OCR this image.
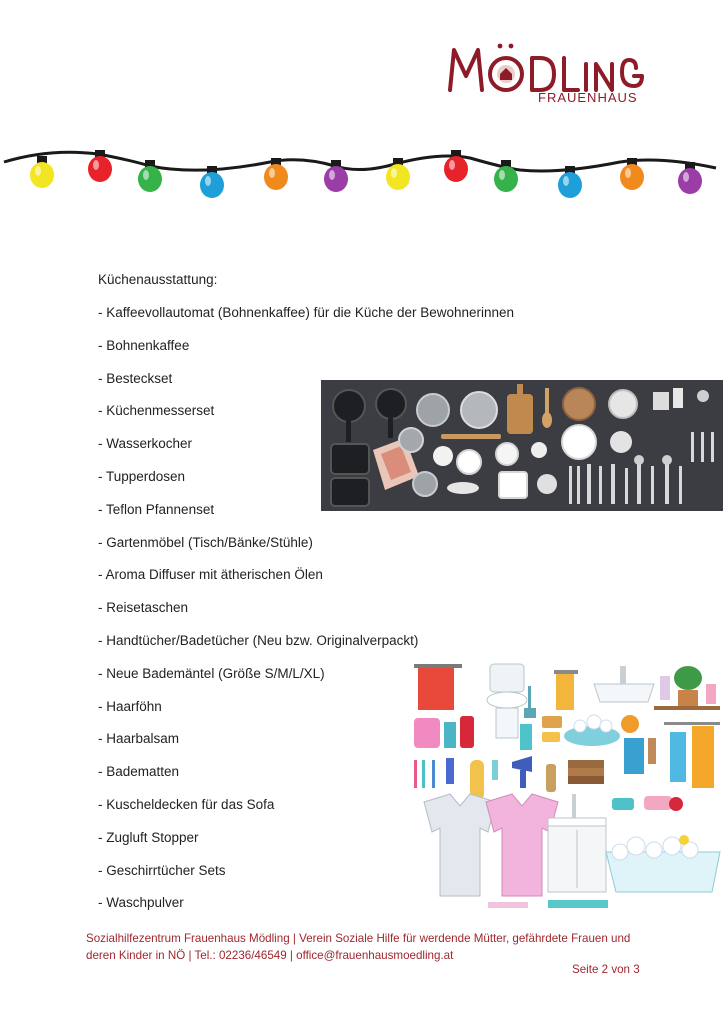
FRAUENHAUS
Küchenausstattung:
- Kaffeevollautomat (Bohnenkaffee) für die Küche der Bewohnerinnen
- Bohnenkaffee
- Besteckset
- Küchenmesserset
- Wasserkocher
- Tupperdosen
- Teflon Pfannenset
- Gartenmöbel (Tisch/Bänke/Stühle)
- Aroma Diffuser mit ätherischen Ölen
- Reisetaschen
- Handtücher/Badetücher (Neu bzw. Originalverpackt)
- Neue Bademäntel (Größe S/M/L/XL)
- Haarföhn
- Haarbalsam
- Badematten
- Kuscheldecken für das Sofa
- Zugluft Stopper
- Geschirrtücher Sets
- Waschpulver
Sozialhilfezentrum Frauenhaus Mödling | Verein Soziale Hilfe für werdende Mütter, gefährdete Frauen und
deren Kinder in NÖ | Tel.: 02236/46549 | office@frauenhausmoedling.at
Seite 2 von 3
